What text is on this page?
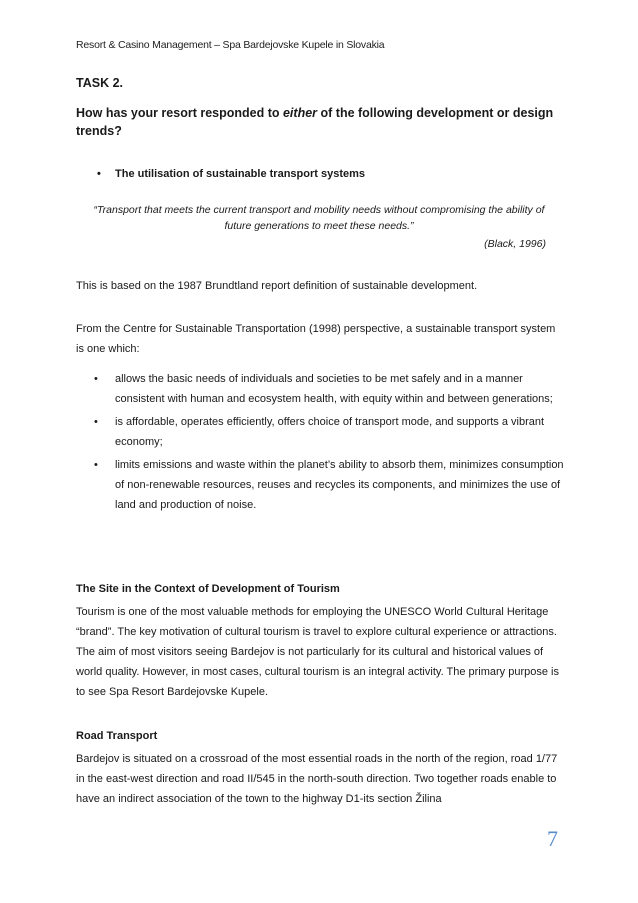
Resort & Casino Management – Spa Bardejovske Kupele in Slovakia
TASK 2.
How has your resort responded to either of the following development or design trends?
• The utilisation of sustainable transport systems
“Transport that meets the current transport and mobility needs without compromising the ability of future generations to meet these needs.”
(Black, 1996)
This is based on the 1987 Brundtland report definition of sustainable development.
From the Centre for Sustainable Transportation (1998) perspective, a sustainable transport system is one which:
• allows the basic needs of individuals and societies to be met safely and in a manner consistent with human and ecosystem health, with equity within and between generations;
• is affordable, operates efficiently, offers choice of transport mode, and supports a vibrant economy;
• limits emissions and waste within the planet’s ability to absorb them, minimizes consumption of non-renewable resources, reuses and recycles its components, and minimizes the use of land and production of noise.
The Site in the Context of Development of Tourism
Tourism is one of the most valuable methods for employing the UNESCO World Cultural Heritage “brand”. The key motivation of cultural tourism is travel to explore cultural experience or attractions. The aim of most visitors seeing Bardejov is not particularly for its cultural and historical values of world quality. However, in most cases, cultural tourism is an integral activity. The primary purpose is to see Spa Resort Bardejovske Kupele.
Road Transport
Bardejov is situated on a crossroad of the most essential roads in the north of the region, road 1/77 in the east-west direction and road II/545 in the north-south direction. Two together roads enable to have an indirect association of the town to the highway D1-its section Žilina
7
